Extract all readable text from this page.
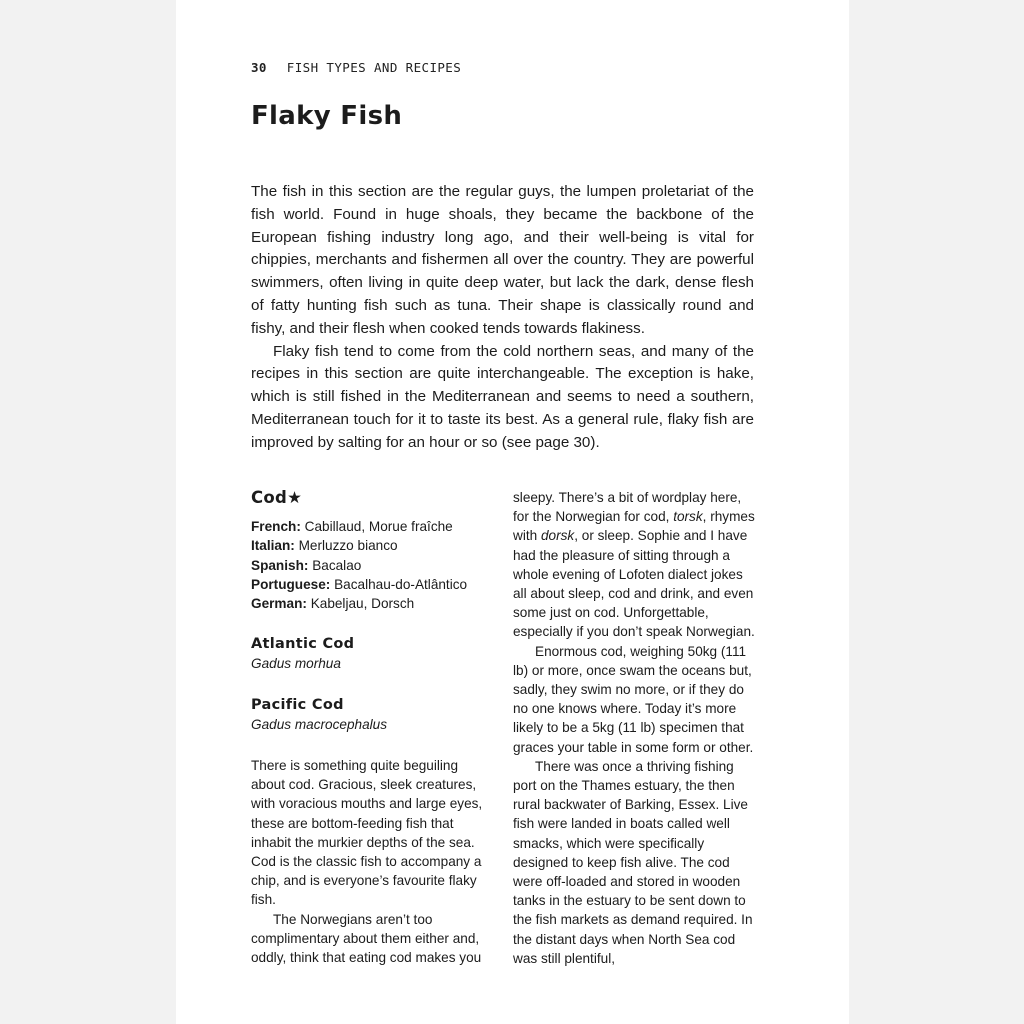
30 FISH TYPES AND RECIPES
Flaky Fish

The fish in this section are the regular guys, the lumpen proletariat of the fish world. Found in huge shoals, they became the backbone of the European fishing industry long ago, and their well-being is vital for chippies, merchants and fishermen all over the country. They are powerful swimmers, often living in quite deep water, but lack the dark, dense flesh of fatty hunting fish such as tuna. Their shape is classically round and fishy, and their flesh when cooked tends towards flakiness.

Flaky fish tend to come from the cold northern seas, and many of the recipes in this section are quite interchangeable. The exception is hake, which is still fished in the Mediterranean and seems to need a southern, Mediterranean touch for it to taste its best. As a general rule, flaky fish are improved by salting for an hour or so (see page 30).

Cod★
French: Cabillaud, Morue fraîche
Italian: Merluzzo bianco
Spanish: Bacalao
Portuguese: Bacalhau-do-Atlântico
German: Kabeljau, Dorsch
Atlantic Cod
Gadus morhua
Pacific Cod
Gadus macrocephalus

There is something quite beguiling about cod. Gracious, sleek creatures, with voracious mouths and large eyes, these are bottom-feeding fish that inhabit the murkier depths of the sea. Cod is the classic fish to accompany a chip, and is everyone’s favourite flaky fish.

The Norwegians aren’t too complimentary about them either and, oddly, think that eating cod makes you

sleepy. There’s a bit of wordplay here, for the Norwegian for cod, torsk, rhymes with dorsk, or sleep. Sophie and I have had the pleasure of sitting through a whole evening of Lofoten dialect jokes all about sleep, cod and drink, and even some just on cod. Unforgettable, especially if you don’t speak Norwegian.

Enormous cod, weighing 50kg (111 lb) or more, once swam the oceans but, sadly, they swim no more, or if they do no one knows where. Today it’s more likely to be a 5kg (11 lb) specimen that graces your table in some form or other.

There was once a thriving fishing port on the Thames estuary, the then rural backwater of Barking, Essex. Live fish were landed in boats called well smacks, which were specifically designed to keep fish alive. The cod were off-loaded and stored in wooden tanks in the estuary to be sent down to the fish markets as demand required. In the distant days when North Sea cod was still plentiful,
